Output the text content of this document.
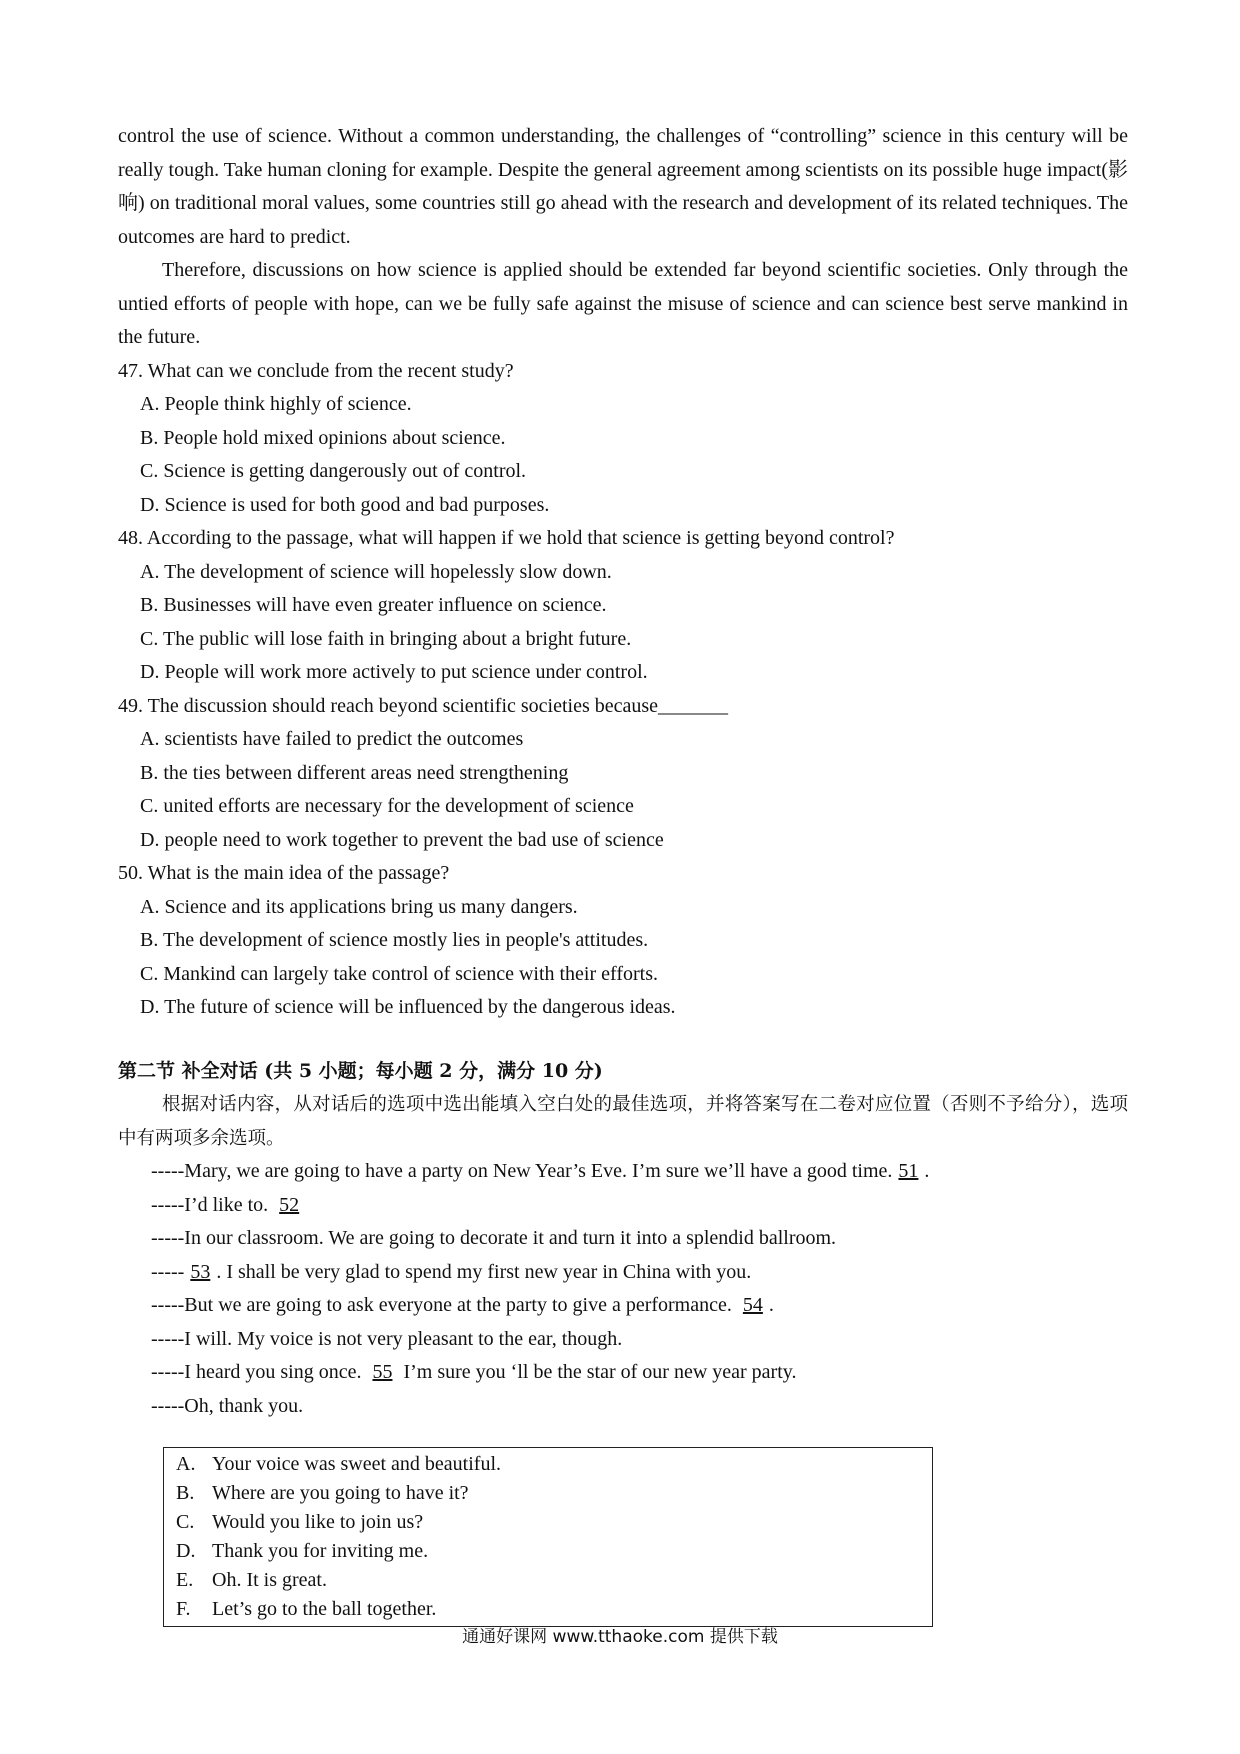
control the use of science. Without a common understanding, the challenges of “controlling” science in this century will be really tough. Take human cloning for example. Despite the general agreement among scientists on its possible huge impact(影响) on traditional moral values, some countries still go ahead with the research and development of its related techniques. The outcomes are hard to predict.

Therefore, discussions on how science is applied should be extended far beyond scientific societies. Only through the untied efforts of people with hope, can we be fully safe against the misuse of science and can science best serve mankind in the future.

47. What can we conclude from the recent study?

A. People think highly of science.

B. People hold mixed opinions about science.

C. Science is getting dangerously out of control.

D. Science is used for both good and bad purposes.

48. According to the passage, what will happen if we hold that science is getting beyond control?

A. The development of science will hopelessly slow down.

B. Businesses will have even greater influence on science.

C. The public will lose faith in bringing about a bright future.

D. People will work more actively to put science under control.

49. The discussion should reach beyond scientific societies because_______

A. scientists have failed to predict the outcomes

B. the ties between different areas need strengthening

C. united efforts are necessary for the development of science

D. people need to work together to prevent the bad use of science

50. What is the main idea of the passage?

A. Science and its applications bring us many dangers.

B. The development of science mostly lies in people's attitudes.

C. Mankind can largely take control of science with their efforts.

D. The future of science will be influenced by the dangerous ideas.

第二节 补全对话 (共 5 小题；每小题 2 分，满分 10 分)

根据对话内容，从对话后的选项中选出能填入空白处的最佳选项，并将答案写在二卷对应位置（否则不予给分），选项中有两项多余选项。

-----Mary, we are going to have a party on New Year’s Eve. I’m sure we’ll have a good time. 51 .

-----I’d like to. 52

-----In our classroom. We are going to decorate it and turn it into a splendid ballroom.

----- 53 . I shall be very glad to spend my first new year in China with you.

-----But we are going to ask everyone at the party to give a performance. 54 .

-----I will. My voice is not very pleasant to the ear, though.

-----I heard you sing once. 55 I’m sure you ‘ll be the star of our new year party.

-----Oh, thank you.

A. Your voice was sweet and beautiful.
B. Where are you going to have it?
C. Would you like to join us?
D. Thank you for inviting me.
E. Oh. It is great.
F.	Let’s go to the ball together.
通通好课网 www.tthaoke.com 提供下载
